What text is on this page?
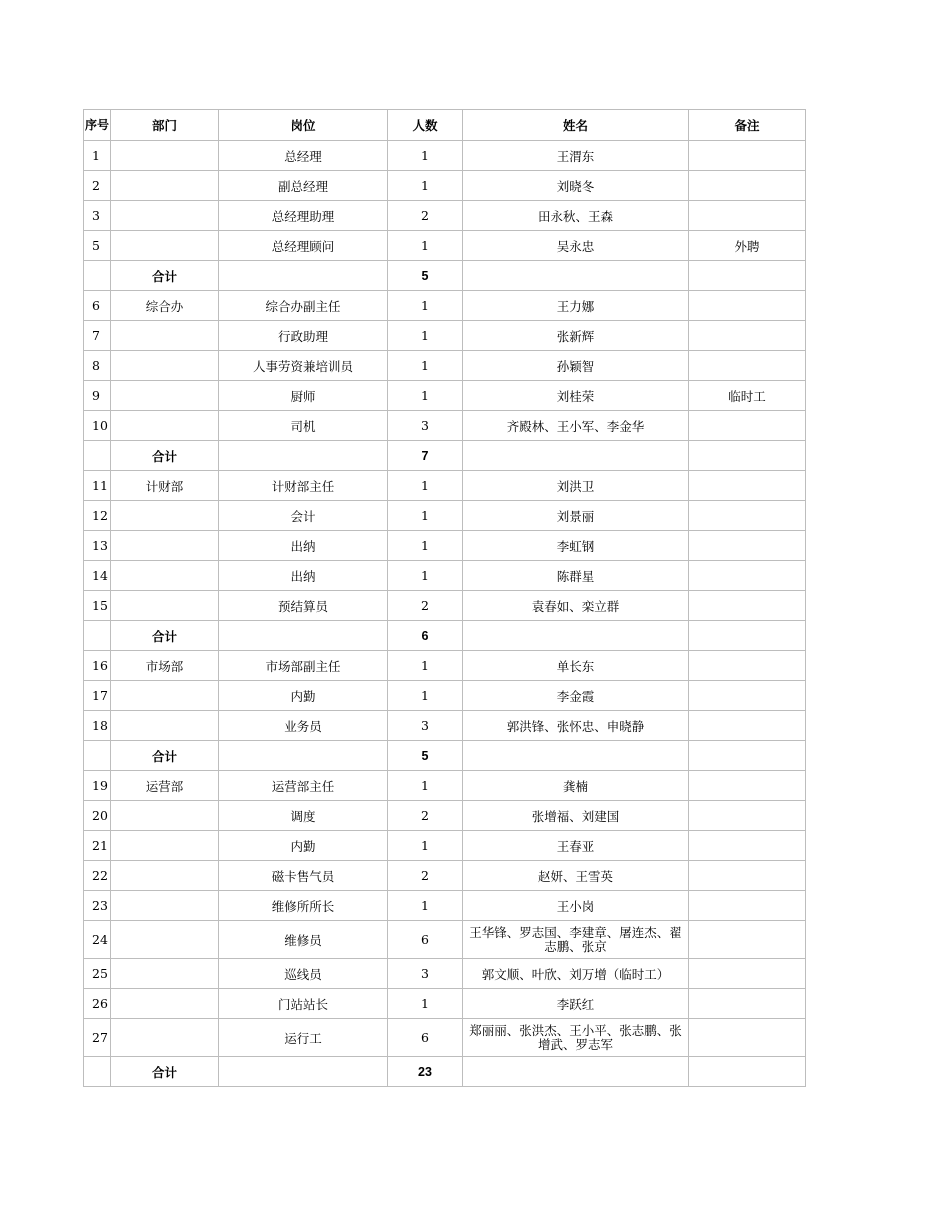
序号	部门	岗位	人数	姓名	备注
1		总经理	1	王渭东	
2		副总经理	1	刘晓冬	
3		总经理助理	2	田永秋、王森	
5		总经理顾问	1	吴永忠	外聘
	合计		5		
6	综合办	综合办副主任	1	王力娜	
7		行政助理	1	张新辉	
8		人事劳资兼培训员	1	孙颖智	
9		厨师	1	刘桂荣	临时工
10		司机	3	齐殿林、王小军、李金华	
	合计		7		
11	计财部	计财部主任	1	刘洪卫	
12		会计	1	刘景丽	
13		出纳	1	李虹钢	
14		出纳	1	陈群星	
15		预结算员	2	袁春如、栾立群	
	合计		6		
16	市场部	市场部副主任	1	单长东	
17		内勤	1	李金霞	
18		业务员	3	郭洪锋、张怀忠、申晓静	
	合计		5		
19	运营部	运营部主任	1	龚楠	
20		调度	2	张增福、刘建国	
21		内勤	1	王春亚	
22		磁卡售气员	2	赵妍、王雪英	
23		维修所所长	1	王小岗	
24		维修员	6	王华锋、罗志国、李建章、屠连杰、翟志鹏、张京	
25		巡线员	3	郭文顺、叶欣、刘万增（临时工）	
26		门站站长	1	李跃红	
27		运行工	6	郑丽丽、张洪杰、王小平、张志鹏、张增武、罗志军	
	合计		23		
